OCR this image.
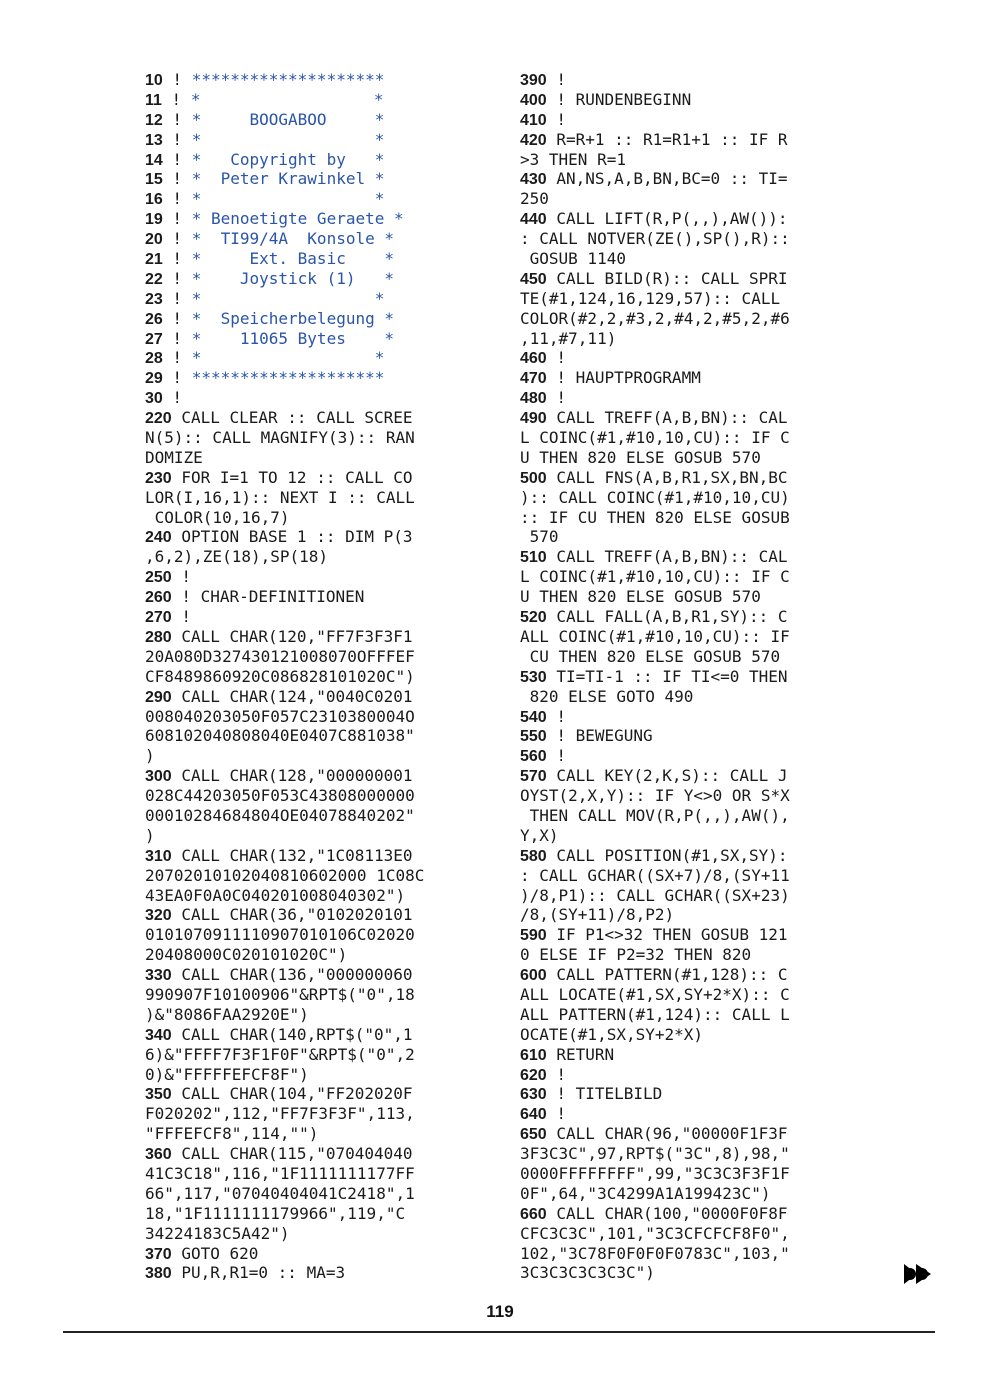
10 ! ********************
11 ! *                  *
12 ! *     BOOGABOO     *
13 ! *                  *
14 ! *   Copyright by   *
15 ! *  Peter Krawinkel *
16 ! *                  *
19 ! * Benoetigte Geraete *
20 ! *  TI99/4A  Konsole *
21 ! *     Ext. Basic    *
22 ! *    Joystick (1)   *
23 ! *                  *
26 ! *  Speicherbelegung *
27 ! *    11065 Bytes    *
28 ! *                  *
29 ! ********************
30 !
220 CALL CLEAR :: CALL SCREE
N(5):: CALL MAGNIFY(3):: RAN
DOMIZE
230 FOR I=1 TO 12 :: CALL CO
LOR(I,16,1):: NEXT I :: CALL
COLOR(10,16,7)
240 OPTION BASE 1 :: DIM P(3
,6,2),ZE(18),SP(18)
250 !
260 ! CHAR-DEFINITIONEN
270 !
280 CALL CHAR(120,"FF7F3F3F1
20A080D327430121008070OFFFEF
CF8489860920C086828101020C")
290 CALL CHAR(124,"0040C0201
008040203050F057C2310380004O
608102040808040E0407C881038"
)
300 CALL CHAR(128,"000000001
028C44203050F053C43808000000
00010284684804OE04078840202"
)
310 CALL CHAR(132,"1C08113E0
20702010102040810602000 1C08C
43EA0F0A0C040201008040302")
320 CALL CHAR(36,"0102020101
0101070911110907010106C02020
20408000C020101020C")
330 CALL CHAR(136,"000000060
990907F10100906"&RPT$("0",18
)&"8086FAA2920E")
340 CALL CHAR(140,RPT$("0",1
6)&"FFFF7F3F1F0F"&RPT$("0",2
0)&"FFFFFEFCF8F")
350 CALL CHAR(104,"FF202020F
F020202",112,"FF7F3F3F",113,
"FFFEFCF8",114,"")
360 CALL CHAR(115,"070404040
41C3C18",116,"1F1111111177FF
66",117,"07040404041C2418",1
18,"1F1111111179966",119,"C
34224183C5A42")
370 GOTO 620
380 PU,R,R1=0 :: MA=3
390 !
400 ! RUNDENBEGINN
410 !
420 R=R+1 :: R1=R1+1 :: IF R
>3 THEN R=1
430 AN,NS,A,B,BN,BC=0 :: TI=
250
440 CALL LIFT(R,P(,,),AW()):
: CALL NOTVER(ZE(),SP(),R)::
GOSUB 1140
450 CALL BILD(R):: CALL SPRI
TE(#1,124,16,129,57):: CALL
COLOR(#2,2,#3,2,#4,2,#5,2,#6
,11,#7,11)
460 !
470 ! HAUPTPROGRAMM
480 !
490 CALL TREFF(A,B,BN):: CAL
L COINC(#1,#10,10,CU):: IF C
U THEN 820 ELSE GOSUB 570
500 CALL FNS(A,B,R1,SX,BN,BC
):: CALL COINC(#1,#10,10,CU)
:: IF CU THEN 820 ELSE GOSUB
570
510 CALL TREFF(A,B,BN):: CAL
L COINC(#1,#10,10,CU):: IF C
U THEN 820 ELSE GOSUB 570
520 CALL FALL(A,B,R1,SY):: C
ALL COINC(#1,#10,10,CU):: IF
CU THEN 820 ELSE GOSUB 570
530 TI=TI-1 :: IF TI<=0 THEN
820 ELSE GOTO 490
540 !
550 ! BEWEGUNG
560 !
570 CALL KEY(2,K,S):: CALL J
OYST(2,X,Y):: IF Y<>0 OR S*X
THEN CALL MOV(R,P(,,),AW(),
Y,X)
580 CALL POSITION(#1,SX,SY):
: CALL GCHAR((SX+7)/8,(SY+11
)/8,P1):: CALL GCHAR((SX+23)
/8,(SY+11)/8,P2)
590 IF P1<>32 THEN GOSUB 121
0 ELSE IF P2=32 THEN 820
600 CALL PATTERN(#1,128):: C
ALL LOCATE(#1,SX,SY+2*X):: C
ALL PATTERN(#1,124):: CALL L
OCATE(#1,SX,SY+2*X)
610 RETURN
620 !
630 ! TITELBILD
640 !
650 CALL CHAR(96,"00000F1F3F
3F3C3C",97,RPT$("3C",8),98,"
0000FFFFFFFF",99,"3C3C3F3F1F
0F",64,"3C4299A1A199423C")
660 CALL CHAR(100,"0000F0F8F
CFC3C3C",101,"3C3CFCFCF8F0",
102,"3C78F0F0F0F0783C",103,"
3C3C3C3C3C3C")
119
